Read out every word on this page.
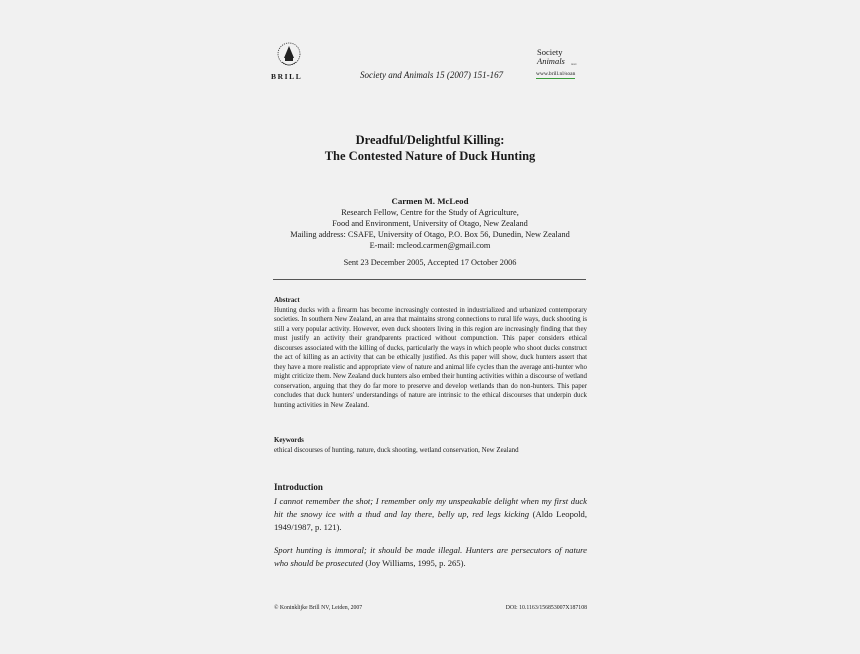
BRILL	Society and Animals 15 (2007) 151-167
Society
Animals ISSN
www.brill.nl/soan
Dreadful/Delightful Killing:
The Contested Nature of Duck Hunting
Carmen M. McLeod
Research Fellow, Centre for the Study of Agriculture,
Food and Environment, University of Otago, New Zealand
Mailing address: CSAFE, University of Otago, P.O. Box 56, Dunedin, New Zealand
E-mail: mcleod.carmen@gmail.com
Sent 23 December 2005, Accepted 17 October 2006
Abstract
Hunting ducks with a firearm has become increasingly contested in industrialized and urbanized contemporary societies. In southern New Zealand, an area that maintains strong connections to rural life ways, duck shooting is still a very popular activity. However, even duck shooters living in this region are increasingly finding that they must justify an activity their grandparents practiced without compunction. This paper considers ethical discourses associated with the killing of ducks, particularly the ways in which people who shoot ducks construct the act of killing as an activity that can be ethically justified. As this paper will show, duck hunters assert that they have a more realistic and appropriate view of nature and animal life cycles than the average anti-hunter who might criticize them. New Zealand duck hunters also embed their hunting activities within a discourse of wetland conservation, arguing that they do far more to preserve and develop wetlands than do non-hunters. This paper concludes that duck hunters' understandings of nature are intrinsic to the ethical discourses that underpin duck hunting activities in New Zealand.
Keywords
ethical discourses of hunting, nature, duck shooting, wetland conservation, New Zealand
Introduction

I cannot remember the shot; I remember only my unspeakable delight when my first duck hit the snowy ice with a thud and lay there, belly up, red legs kicking (Aldo Leopold, 1949/1987, p. 121).

Sport hunting is immoral; it should be made illegal. Hunters are persecutors of nature who should be prosecuted (Joy Williams, 1995, p. 265).

© Koninklijke Brill NV, Leiden, 2007	DOI: 10.1163/156853007X187108
